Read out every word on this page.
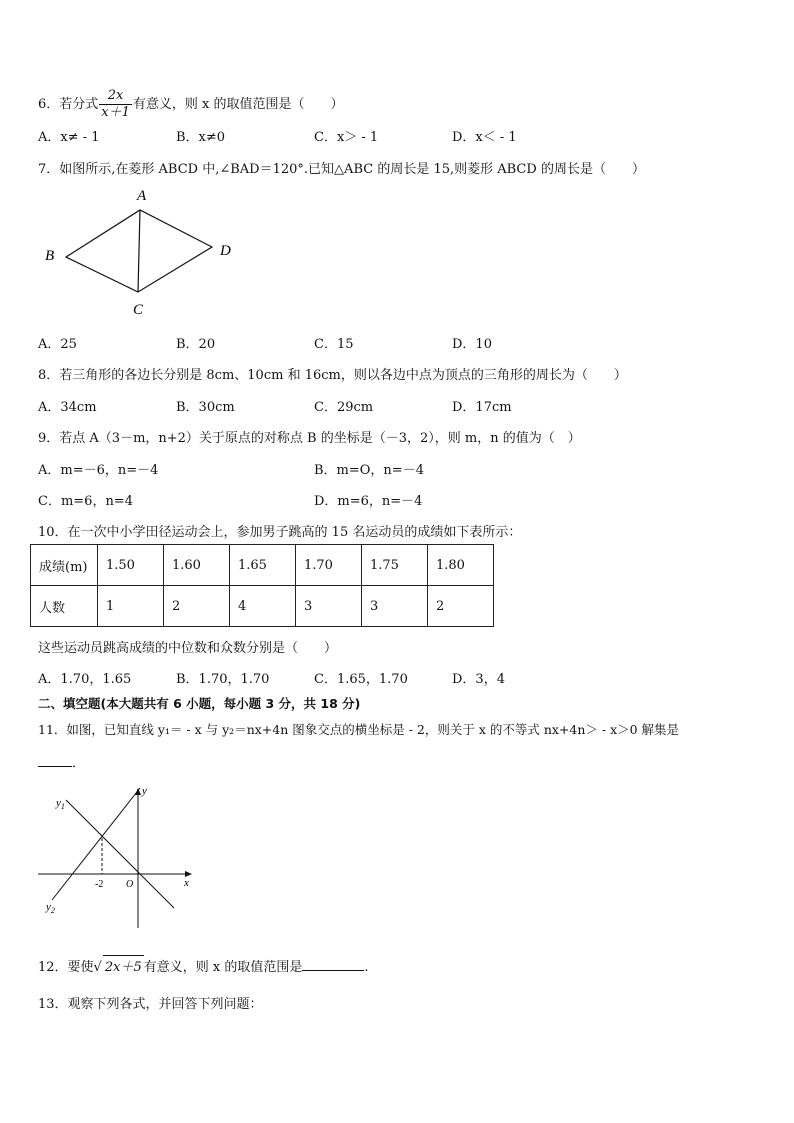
6．若分式 $\frac{2x}{x+1}$ 有意义，则 x 的取值范围是（　　）
A．x≠ - 1	B．x≠0	C．x＞ - 1	D．x＜ - 1
7．如图所示,在菱形 ABCD 中,∠BAD＝120°.已知△ABC 的周长是 15,则菱形 ABCD 的周长是（　　）
A
B
C
D
A．25	B．20	C．15	D．10
8．若三角形的各边长分别是 8cm、10cm 和 16cm，则以各边中点为顶点的三角形的周长为（　　）
A．34cm	B．30cm	C．29cm	D．17cm
9．若点 A（3－m，n+2）关于原点的对称点 B 的坐标是（－3，2），则 m，n 的值为（　）
A．m=－6，n=－4	B．m=O，n=－4
C．m=6，n=4	D．m=6，n=－4
10．在一次中小学田径运动会上，参加男子跳高的 15 名运动员的成绩如下表所示：
成绩(m)	1.50	1.60	1.65	1.70	1.75	1.80
人数	1	2	4	3	3	2
这些运动员跳高成绩的中位数和众数分别是（　　）
A．1.70，1.65	B．1.70，1.70	C．1.65，1.70	D．3，4
二、填空题(本大题共有 6 小题，每小题 3 分，共 18 分)
11．如图，已知直线 y₁＝ - x 与 y₂＝nx+4n 图象交点的横坐标是 - 2，则关于 x 的不等式 nx+4n＞ - x＞0 解集是
．
$y_1$
$y_2$
y
x
O
-2
12．要使√ 2x＋5 有意义，则 x 的取值范围是	.
13．观察下列各式，并回答下列问题：
